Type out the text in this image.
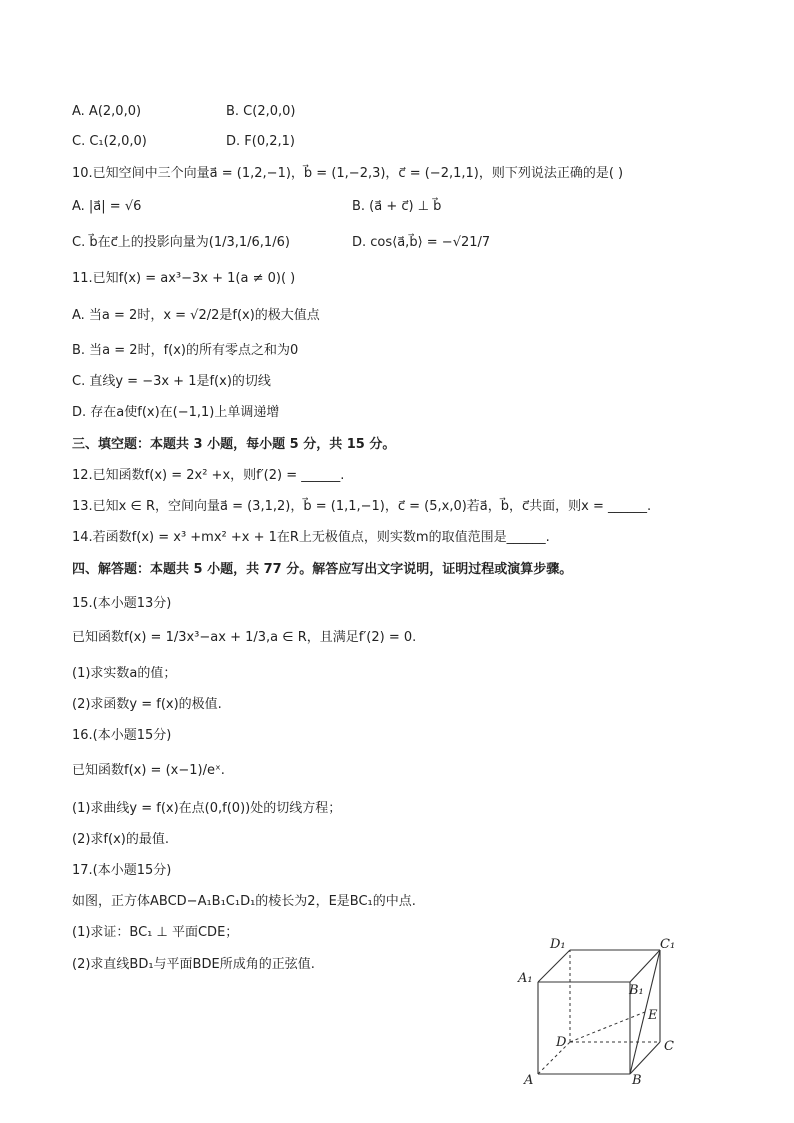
A. A(2,0,0)	B. C(2,0,0)
C. C₁(2,0,0)	D. F(0,2,1)
10.已知空间中三个向量a⃗ = (1,2,−1)，b⃗ = (1,−2,3)，c⃗ = (−2,1,1)，则下列说法正确的是( )
A. |a⃗| = √6	B. (a⃗ + c⃗) ⊥ b⃗
C. b⃗在c⃗上的投影向量为(1/3,1/6,1/6)	D. cos⟨a⃗,b⃗⟩ = −√21/7
11.已知f(x) = ax³−3x + 1(a ≠ 0)( )
A. 当a = 2时，x = √2/2是f(x)的极大值点
B. 当a = 2时，f(x)的所有零点之和为0
C. 直线y = −3x + 1是f(x)的切线
D. 存在a使f(x)在(−1,1)上单调递增
三、填空题：本题共 3 小题，每小题 5 分，共 15 分。
12.已知函数f(x) = 2x² +x，则f′(2) = ______.
13.已知x ∈ R，空间向量a⃗ = (3,1,2)，b⃗ = (1,1,−1)，c⃗ = (5,x,0)若a⃗，b⃗，c⃗共面，则x = ______.
14.若函数f(x) = x³ +mx² +x + 1在R上无极值点，则实数m的取值范围是______.
四、解答题：本题共 5 小题，共 77 分。解答应写出文字说明，证明过程或演算步骤。
15.(本小题13分)
已知函数f(x) = 1/3x³−ax + 1/3,a ∈ R，且满足f′(2) = 0.
(1)求实数a的值；
(2)求函数y = f(x)的极值.
16.(本小题15分)
已知函数f(x) = (x−1)/eˣ.
(1)求曲线y = f(x)在点(0,f(0))处的切线方程；
(2)求f(x)的最值.
17.(本小题15分)
如图，正方体ABCD−A₁B₁C₁D₁的棱长为2，E是BC₁的中点.
(1)求证：BC₁ ⊥ 平面CDE；
(2)求直线BD₁与平面BDE所成角的正弦值.
D₁	C₁
A₁
B₁
E
D	C
A	B
